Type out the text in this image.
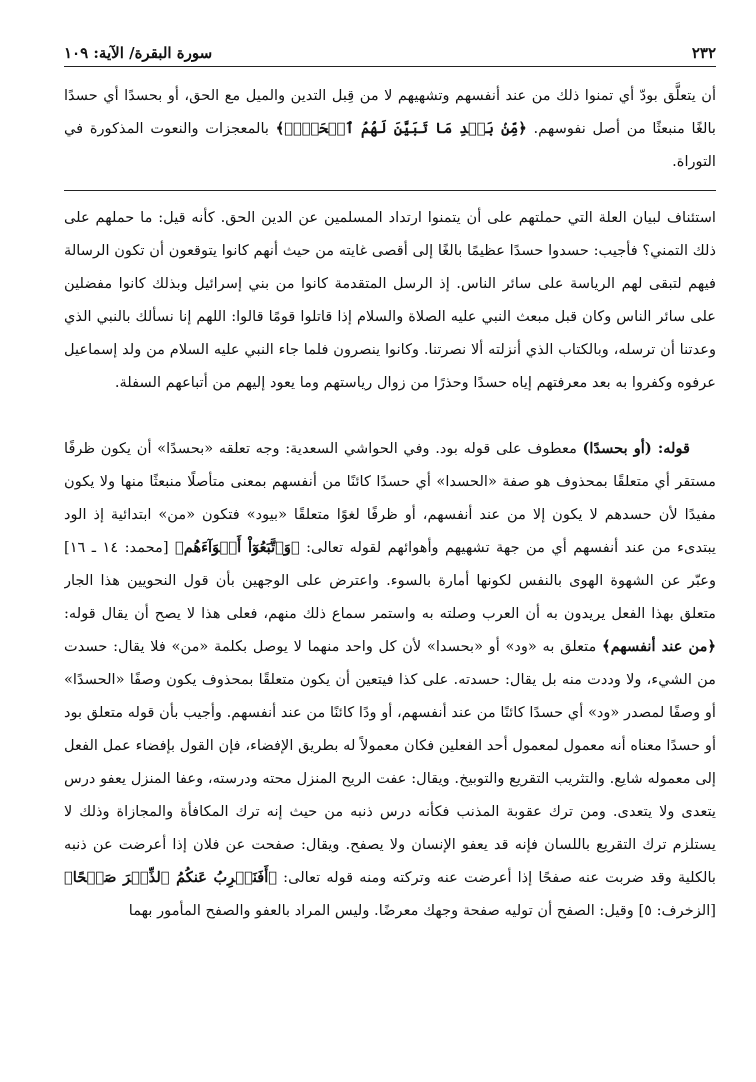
٢٣٢
سورة البقرة/ الآية: ١٠٩

أن يتعلَّق بودّ أي تمنوا ذلك من عند أنفسهم وتشهيهم لا من قِبل التدين والميل مع الحق، أو بحسدًا أي حسدًا بالغًا منبعثًا من أصل نفوسهم. ﴿مِّنۢ بَعۡدِ مَا تَبَيَّنَ لَهُمُ ٱلۡحَقُّۖ﴾ بالمعجزات والنعوت المذكورة في التوراة.

استئناف لبيان العلة التي حملتهم على أن يتمنوا ارتداد المسلمين عن الدين الحق. كأنه قيل: ما حملهم على ذلك التمني؟ فأجيب: حسدوا حسدًا عظيمًا بالغًا إلى أقصى غايته من حيث أنهم كانوا يتوقعون أن تكون الرسالة فيهم لتبقى لهم الرياسة على سائر الناس. إذ الرسل المتقدمة كانوا من بني إسرائيل وبذلك كانوا مفضلين على سائر الناس وكان قبل مبعث النبي عليه الصلاة والسلام إذا قاتلوا قومًا قالوا: اللهم إنا نسألك بالنبي الذي وعدتنا أن ترسله، وبالكتاب الذي أنزلته ألا نصرتنا. وكانوا ينصرون فلما جاء النبي عليه السلام من ولد إسماعيل عرفوه وكفروا به بعد معرفتهم إياه حسدًا وحذرًا من زوال رياستهم وما يعود إليهم من أتباعهم السفلة.

قوله: (أو بحسدًا) معطوف على قوله بود. وفي الحواشي السعدية: وجه تعلقه «بحسدًا» أن يكون ظرفًا مستقر أي متعلقًا بمحذوف هو صفة «الحسدا» أي حسدًا كائنًا من أنفسهم بمعنى متأصلًا منبعثًا منها ولا يكون مفيدًا لأن حسدهم لا يكون إلا من عند أنفسهم، أو ظرفًا لغوًا متعلقًا «بيود» فتكون «من» ابتدائية إذ الود يبتدىء من عند أنفسهم أي من جهة تشهيهم وأهوائهم لقوله تعالى: ﴿وَٱتَّبَعُوٓاْ أَهۡوَآءَهُم﴾ [محمد: ١٤ ـ ١٦] وعبّر عن الشهوة الهوى بالنفس لكونها أمارة بالسوء. واعترض على الوجهين بأن قول النحويين هذا الجار متعلق بهذا الفعل يريدون به أن العرب وصلته به واستمر سماع ذلك منهم، فعلى هذا لا يصح أن يقال قوله: ﴿من عند أنفسهم﴾ متعلق به «ود» أو «بحسدا» لأن كل واحد منهما لا يوصل بكلمة «من» فلا يقال: حسدت من الشيء، ولا وددت منه بل يقال: حسدته. على كذا فيتعين أن يكون متعلقًا بمحذوف يكون وصفًا «الحسدًا» أو وصفًا لمصدر «ود» أي حسدًا كائنًا من عند أنفسهم، أو ودًا كائنًا من عند أنفسهم. وأجيب بأن قوله متعلق بود أو حسدًا معناه أنه معمول لمعمول أحد الفعلين فكان معمولاً له بطريق الإفضاء، فإن القول بإفضاء عمل الفعل إلى معموله شايع. والتثريب التقريع والتوبيخ. ويقال: عفت الريح المنزل محته ودرسته، وعفا المنزل يعفو درس يتعدى ولا يتعدى. ومن ترك عقوبة المذنب فكأنه درس ذنبه من حيث إنه ترك المكافأة والمجازاة وذلك لا يستلزم ترك التقريع باللسان فإنه قد يعفو الإنسان ولا يصفح. ويقال: صفحت عن فلان إذا أعرضت عن ذنبه بالكلية وقد ضربت عنه صفحًا إذا أعرضت عنه وتركته ومنه قوله تعالى: ﴿أَفَنَضۡرِبُ عَنكُمُ ٱلذِّكۡرَ صَفۡحًا﴾ [الزخرف: ٥] وقيل: الصفح أن توليه صفحة وجهك معرضًا. وليس المراد بالعفو والصفح المأمور بهما
